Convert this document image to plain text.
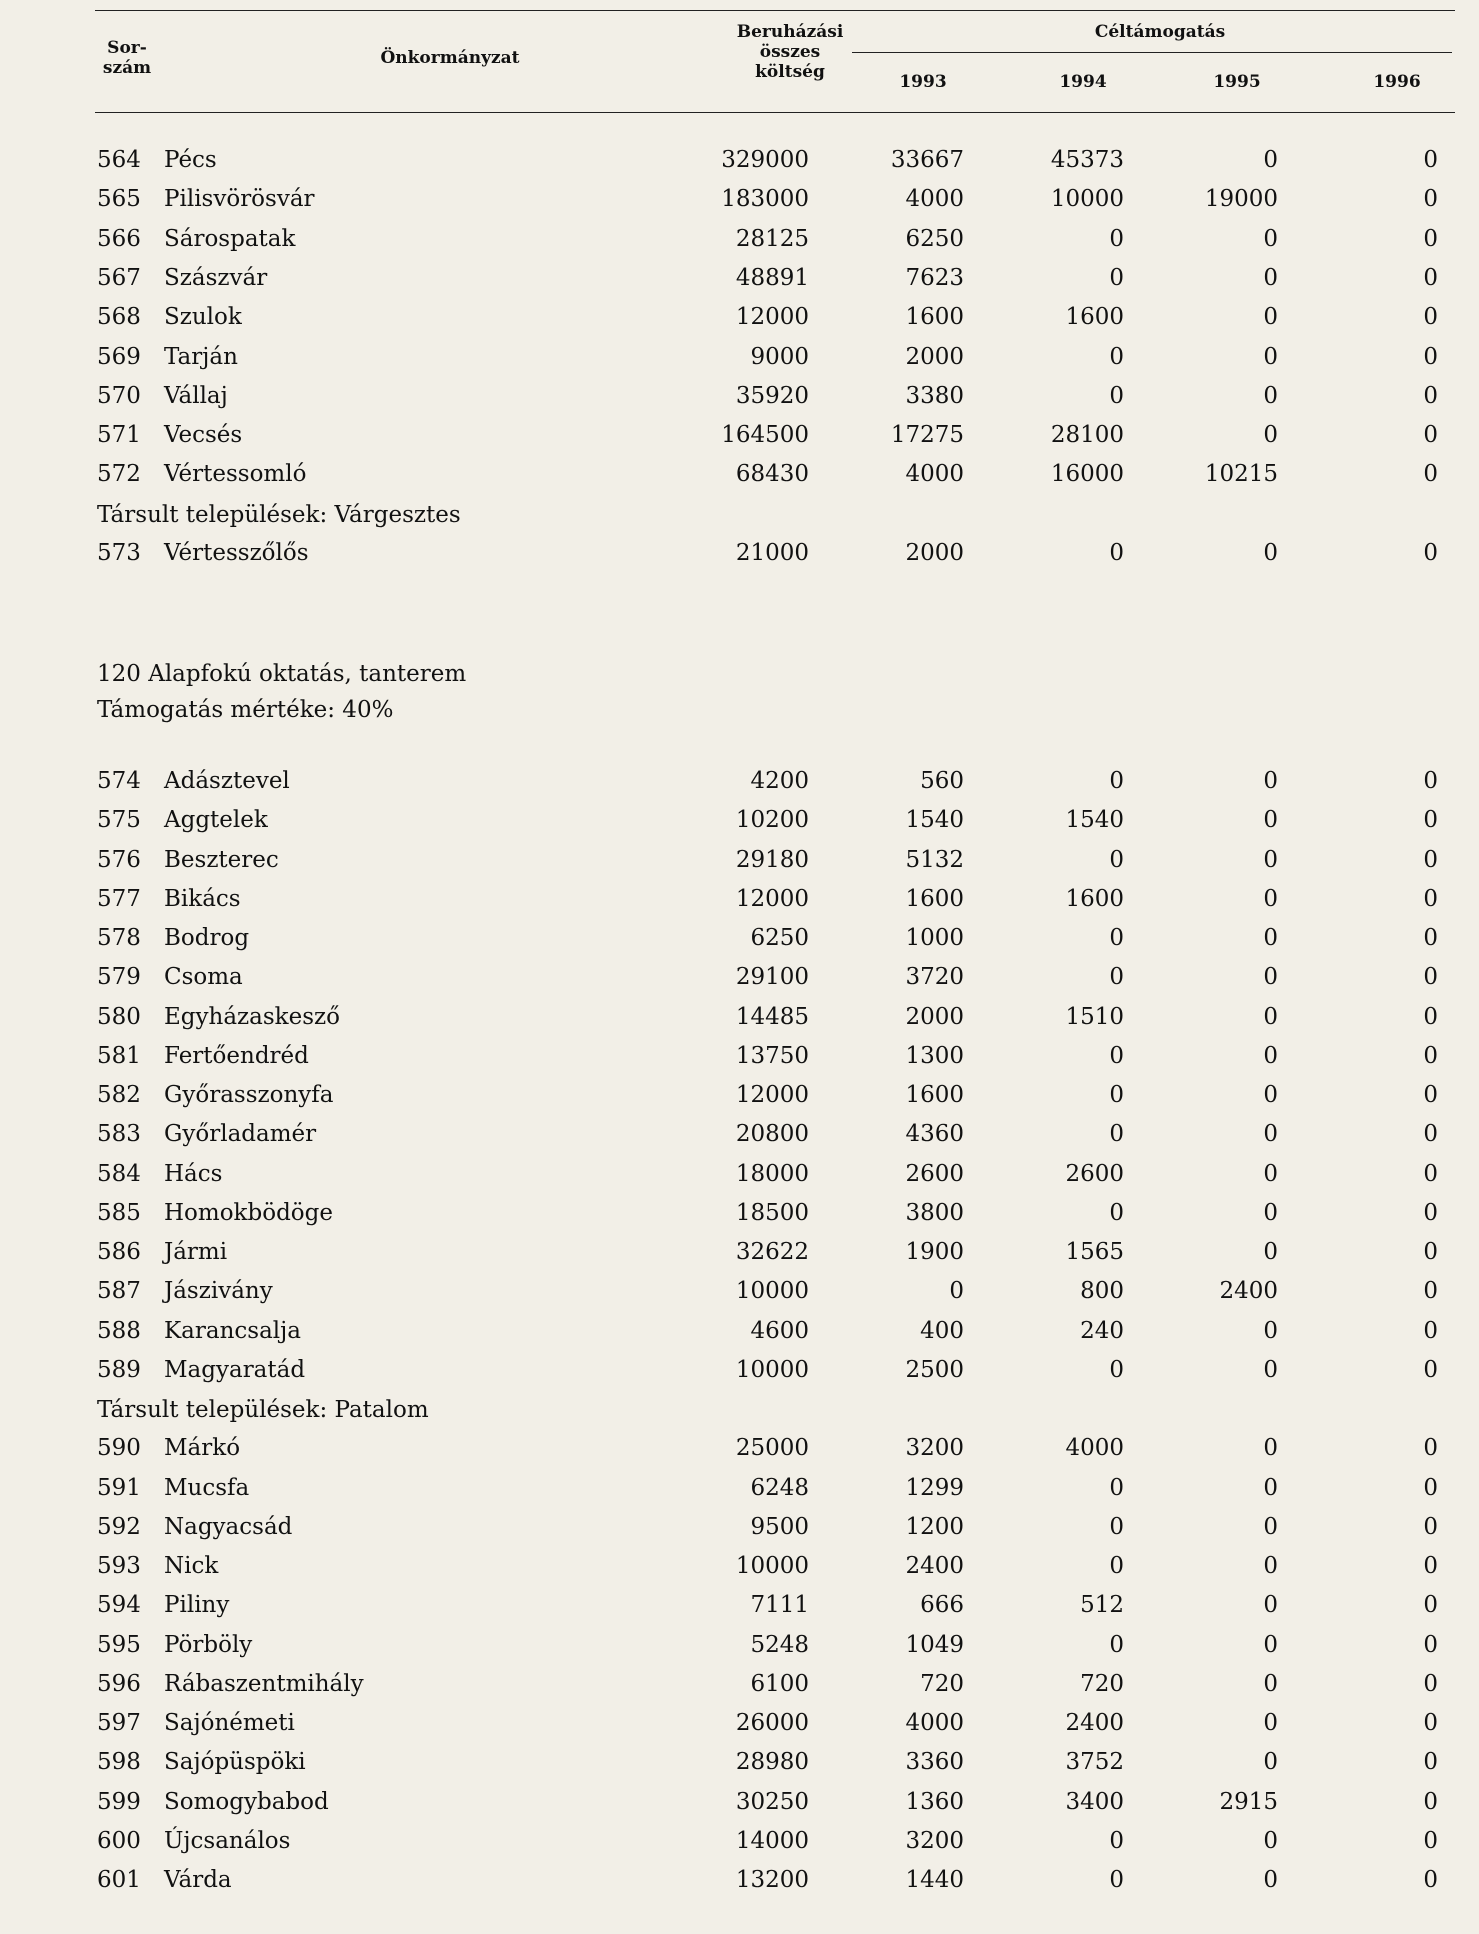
Sor-
szám	Önkormányzat
Beruházási
összes
költség
Céltámogatás
1993	1994	1995	1996
564 Pécs	329000	33667	45373	0	0
565 Pilisvörösvár	183000	4000	10000	19000	0
566 Sárospatak	28125	6250	0	0	0
567 Szászvár	48891	7623	0	0	0
568 Szulok	12000	1600	1600	0	0
569 Tarján	9000	2000	0	0	0
570 Vállaj	35920	3380	0	0	0
571 Vecsés	164500	17275	28100	0	0
572 Vértessomló	68430	4000	16000	10215	0
Társult települések: Várgesztes
573 Vértesszőlős	21000	2000	0	0	0
120 Alapfokú oktatás, tanterem
Támogatás mértéke: 40%
574 Adásztevel	4200	560	0	0	0
575 Aggtelek	10200	1540	1540	0	0
576 Beszterec	29180	5132	0	0	0
577 Bikács	12000	1600	1600	0	0
578 Bodrog	6250	1000	0	0	0
579 Csoma	29100	3720	0	0	0
580 Egyházaskesző	14485	2000	1510	0	0
581 Fertőendréd	13750	1300	0	0	0
582 Győrasszonyfa	12000	1600	0	0	0
583 Győrladamér	20800	4360	0	0	0
584 Hács	18000	2600	2600	0	0
585 Homokbödöge	18500	3800	0	0	0
586 Jármi	32622	1900	1565	0	0
587 Jászivány	10000	0	800	2400	0
588 Karancsalja	4600	400	240	0	0
589 Magyaratád	10000	2500	0	0	0
Társult települések: Patalom
590 Márkó	25000	3200	4000	0	0
591 Mucsfa	6248	1299	0	0	0
592 Nagyacsád	9500	1200	0	0	0
593 Nick	10000	2400	0	0	0
594 Piliny	7111	666	512	0	0
595 Pörböly	5248	1049	0	0	0
596 Rábaszentmihály	6100	720	720	0	0
597 Sajónémeti	26000	4000	2400	0	0
598 Sajópüspöki	28980	3360	3752	0	0
599 Somogybabod	30250	1360	3400	2915	0
600 Újcsanálos	14000	3200	0	0	0
601 Várda	13200	1440	0	0	0
